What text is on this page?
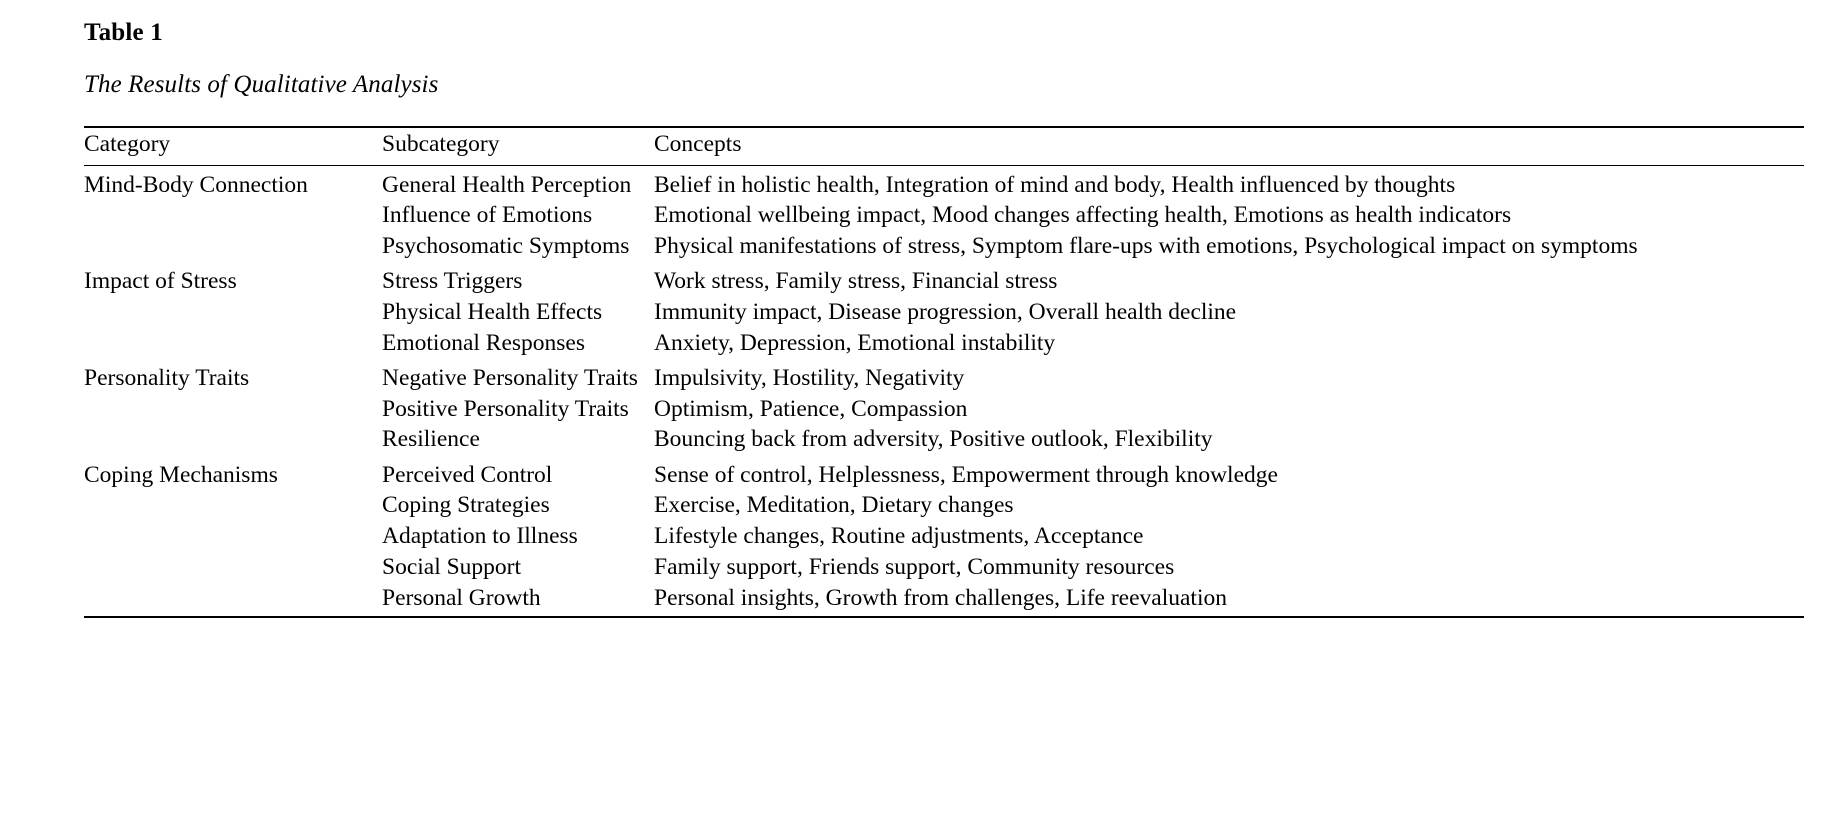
Table 1
The Results of Qualitative Analysis
Category	Subcategory	Concepts
Mind-Body Connection	General Health Perception	Belief in holistic health, Integration of mind and body, Health influenced by thoughts
	Influence of Emotions	Emotional wellbeing impact, Mood changes affecting health, Emotions as health indicators
	Psychosomatic Symptoms	Physical manifestations of stress, Symptom flare-ups with emotions, Psychological impact on symptoms
Impact of Stress	Stress Triggers	Work stress, Family stress, Financial stress
	Physical Health Effects	Immunity impact, Disease progression, Overall health decline
	Emotional Responses	Anxiety, Depression, Emotional instability
Personality Traits	Negative Personality Traits	Impulsivity, Hostility, Negativity
	Positive Personality Traits	Optimism, Patience, Compassion
	Resilience	Bouncing back from adversity, Positive outlook, Flexibility
Coping Mechanisms	Perceived Control	Sense of control, Helplessness, Empowerment through knowledge
	Coping Strategies	Exercise, Meditation, Dietary changes
	Adaptation to Illness	Lifestyle changes, Routine adjustments, Acceptance
	Social Support	Family support, Friends support, Community resources
	Personal Growth	Personal insights, Growth from challenges, Life reevaluation
